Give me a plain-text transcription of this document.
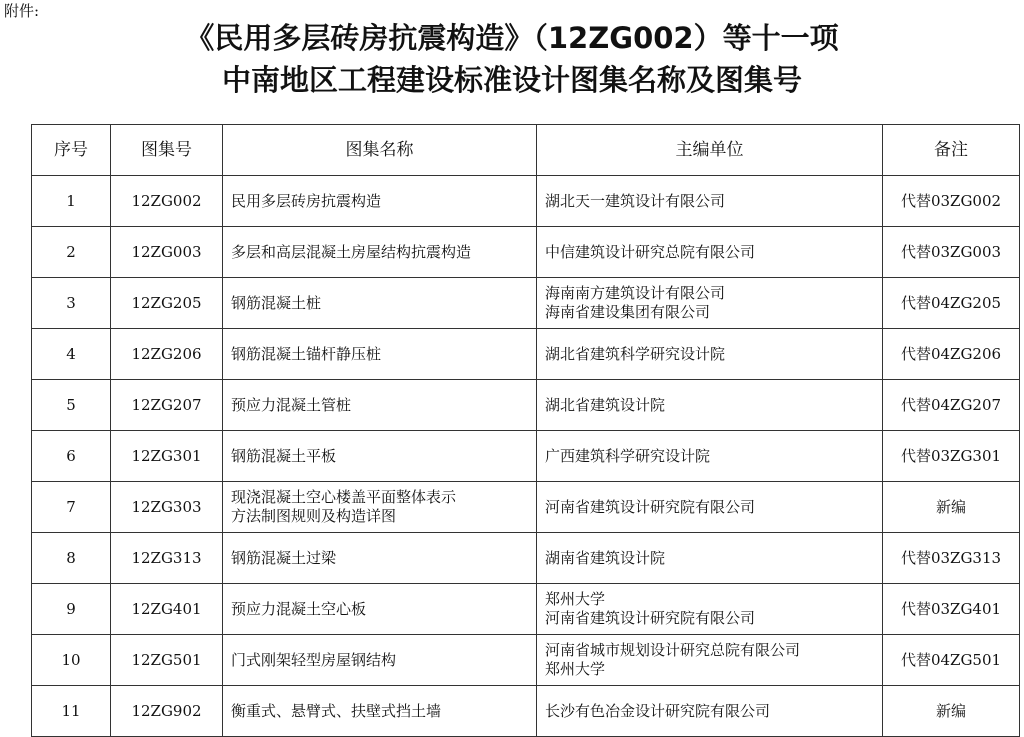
附件:
《民用多层砖房抗震构造》（12ZG002）等十一项
中南地区工程建设标准设计图集名称及图集号
序号	图集号	图集名称	主编单位	备注
1	12ZG002	民用多层砖房抗震构造	湖北天一建筑设计有限公司	代替03ZG002
2	12ZG003	多层和高层混凝土房屋结构抗震构造	中信建筑设计研究总院有限公司	代替03ZG003
3	12ZG205	钢筋混凝土桩	海南南方建筑设计有限公司
海南省建设集团有限公司	代替04ZG205
4	12ZG206	钢筋混凝土锚杆静压桩	湖北省建筑科学研究设计院	代替04ZG206
5	12ZG207	预应力混凝土管桩	湖北省建筑设计院	代替04ZG207
6	12ZG301	钢筋混凝土平板	广西建筑科学研究设计院	代替03ZG301
7	12ZG303	现浇混凝土空心楼盖平面整体表示
方法制图规则及构造详图	河南省建筑设计研究院有限公司	新编
8	12ZG313	钢筋混凝土过梁	湖南省建筑设计院	代替03ZG313
9	12ZG401	预应力混凝土空心板	郑州大学
河南省建筑设计研究院有限公司	代替03ZG401
10	12ZG501	门式刚架轻型房屋钢结构	河南省城市规划设计研究总院有限公司
郑州大学	代替04ZG501
11	12ZG902	衡重式、悬臂式、扶壁式挡土墙	长沙有色冶金设计研究院有限公司	新编
